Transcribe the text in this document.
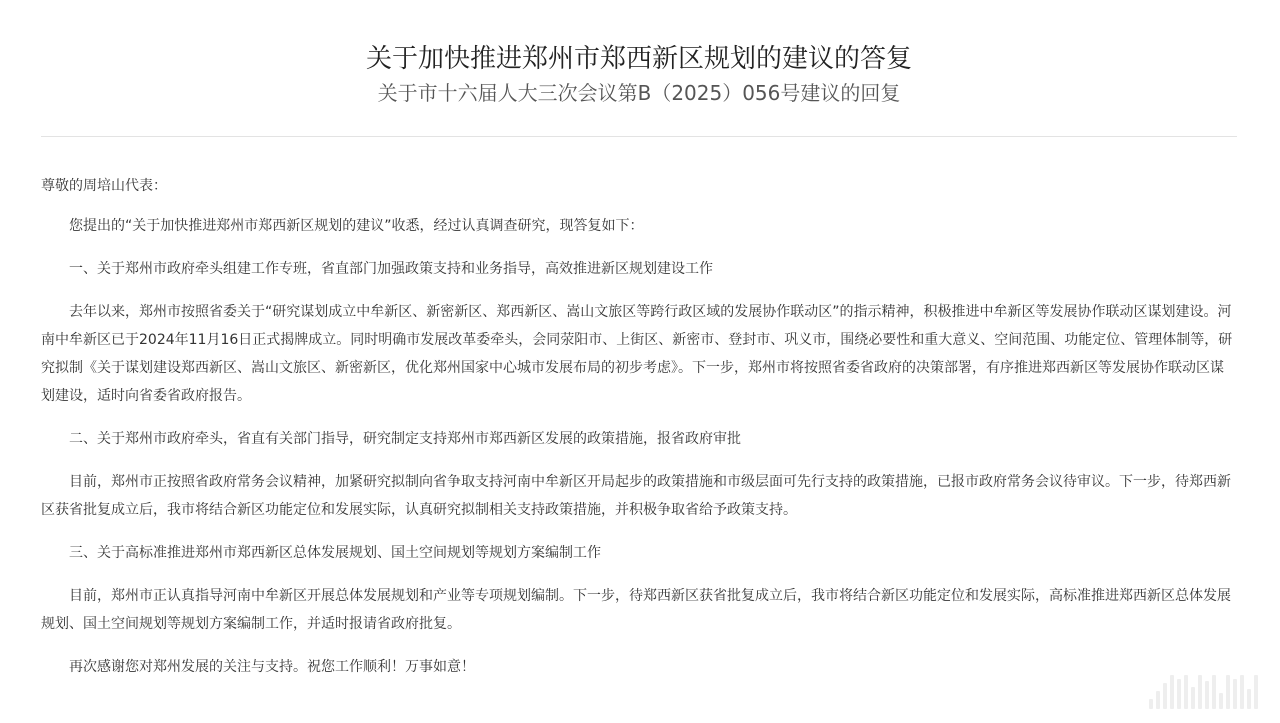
关于加快推进郑州市郑西新区规划的建议的答复
关于市十六届人大三次会议第B（2025）056号建议的回复

尊敬的周培山代表：

您提出的“关于加快推进郑州市郑西新区规划的建议”收悉，经过认真调查研究，现答复如下：

一、关于郑州市政府牵头组建工作专班，省直部门加强政策支持和业务指导，高效推进新区规划建设工作

去年以来，郑州市按照省委关于“研究谋划成立中牟新区、新密新区、郑西新区、嵩山文旅区等跨行政区域的发展协作联动区”的指示精神，积极推进中牟新区等发展协作联动区谋划建设。河南中牟新区已于2024年11月16日正式揭牌成立。同时明确市发展改革委牵头，会同荥阳市、上街区、新密市、登封市、巩义市，围绕必要性和重大意义、空间范围、功能定位、管理体制等，研究拟制《关于谋划建设郑西新区、嵩山文旅区、新密新区，优化郑州国家中心城市发展布局的初步考虑》。下一步，郑州市将按照省委省政府的决策部署，有序推进郑西新区等发展协作联动区谋划建设，适时向省委省政府报告。

二、关于郑州市政府牵头，省直有关部门指导，研究制定支持郑州市郑西新区发展的政策措施，报省政府审批

目前，郑州市正按照省政府常务会议精神，加紧研究拟制向省争取支持河南中牟新区开局起步的政策措施和市级层面可先行支持的政策措施，已报市政府常务会议待审议。下一步，待郑西新区获省批复成立后，我市将结合新区功能定位和发展实际，认真研究拟制相关支持政策措施，并积极争取省给予政策支持。

三、关于高标准推进郑州市郑西新区总体发展规划、国土空间规划等规划方案编制工作

目前，郑州市正认真指导河南中牟新区开展总体发展规划和产业等专项规划编制。下一步，待郑西新区获省批复成立后，我市将结合新区功能定位和发展实际，高标准推进郑西新区总体发展规划、国土空间规划等规划方案编制工作，并适时报请省政府批复。

再次感谢您对郑州发展的关注与支持。祝您工作顺利！万事如意！
